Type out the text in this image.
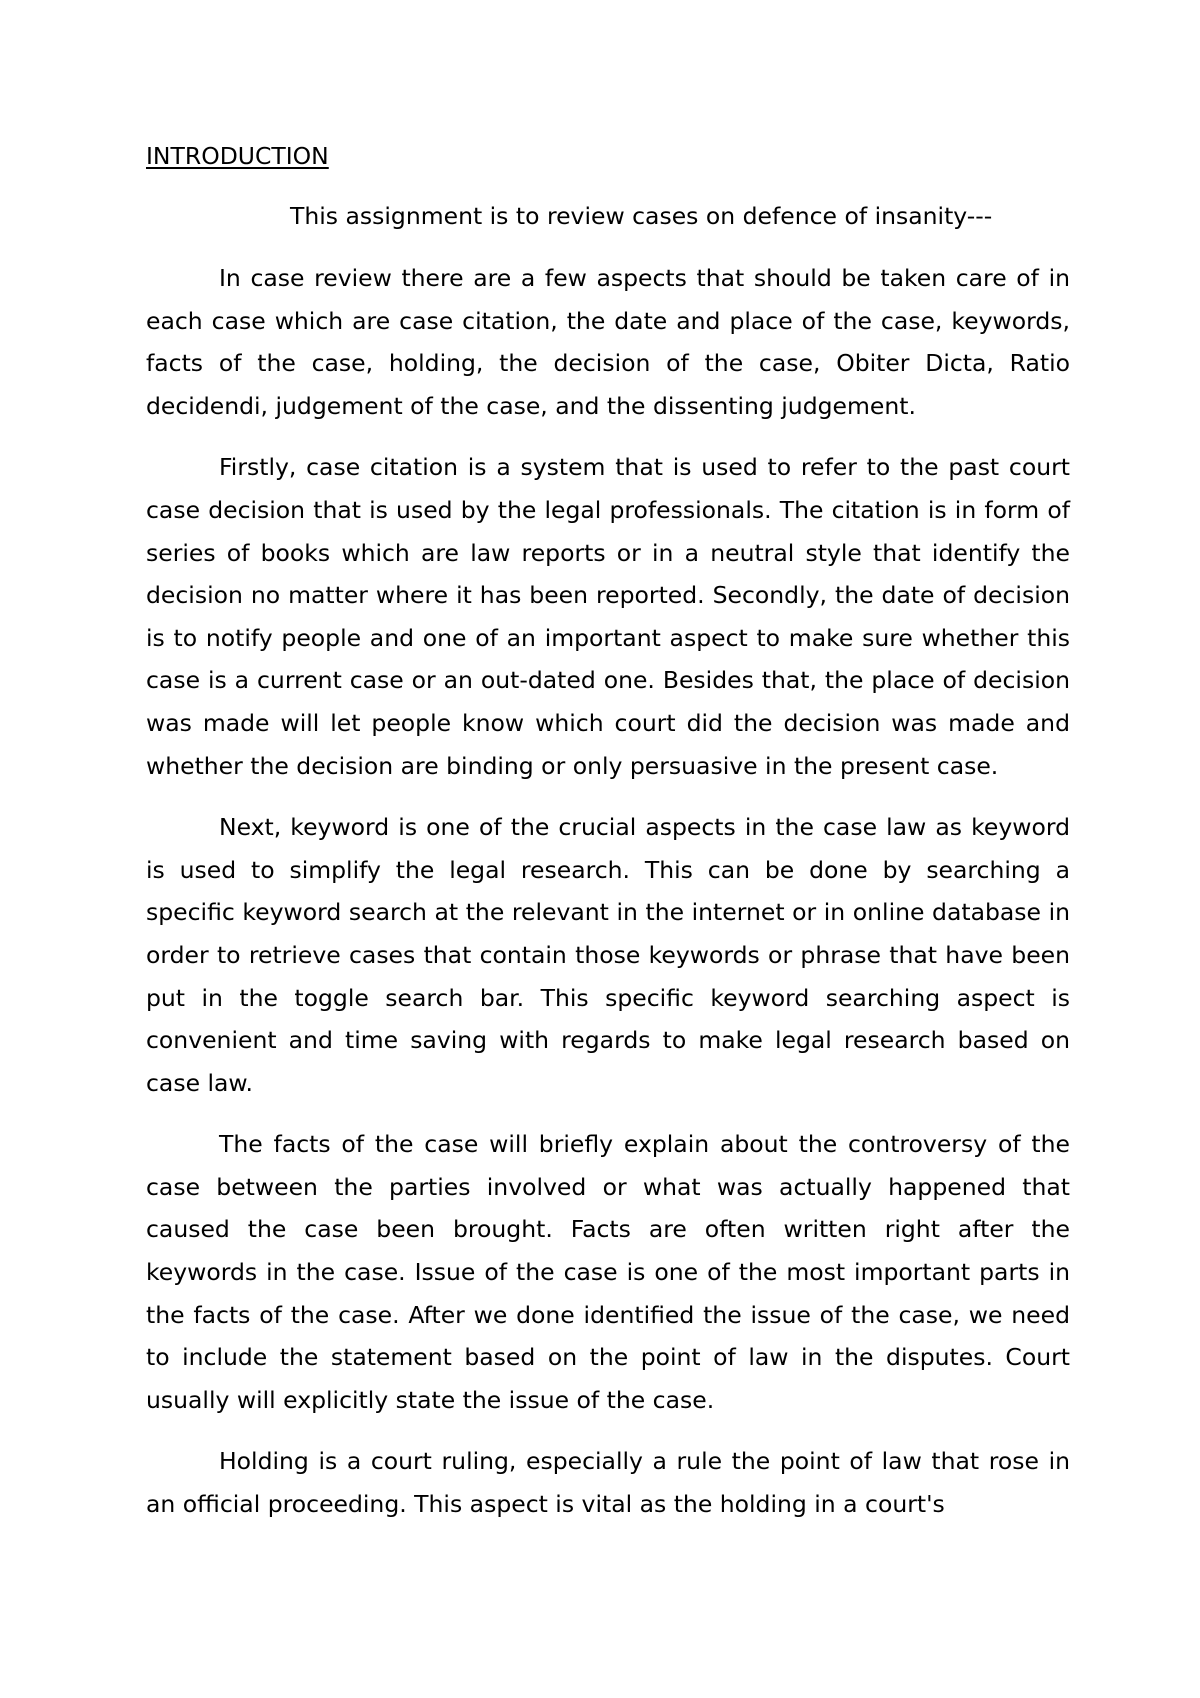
INTRODUCTION

This assignment is to review cases on defence of insanity---

In case review there are a few aspects that should be taken care of in each case which are case citation, the date and place of the case, keywords, facts of the case, holding, the decision of the case, Obiter Dicta, Ratio decidendi, judgement of the case, and the dissenting judgement.

Firstly, case citation is a system that is used to refer to the past court case decision that is used by the legal professionals. The citation is in form of series of books which are law reports or in a neutral style that identify the decision no matter where it has been reported. Secondly, the date of decision is to notify people and one of an important aspect to make sure whether this case is a current case or an out-dated one. Besides that, the place of decision was made will let people know which court did the decision was made and whether the decision are binding or only persuasive in the present case.

Next, keyword is one of the crucial aspects in the case law as keyword is used to simplify the legal research. This can be done by searching a specific keyword search at the relevant in the internet or in online database in order to retrieve cases that contain those keywords or phrase that have been put in the toggle search bar. This specific keyword searching aspect is convenient and time saving with regards to make legal research based on case law.

The facts of the case will briefly explain about the controversy of the case between the parties involved or what was actually happened that caused the case been brought. Facts are often written right after the keywords in the case. Issue of the case is one of the most important parts in the facts of the case. After we done identified the issue of the case, we need to include the statement based on the point of law in the disputes. Court usually will explicitly state the issue of the case.

Holding is a court ruling, especially a rule the point of law that rose in an official proceeding. This aspect is vital as the holding in a court's
